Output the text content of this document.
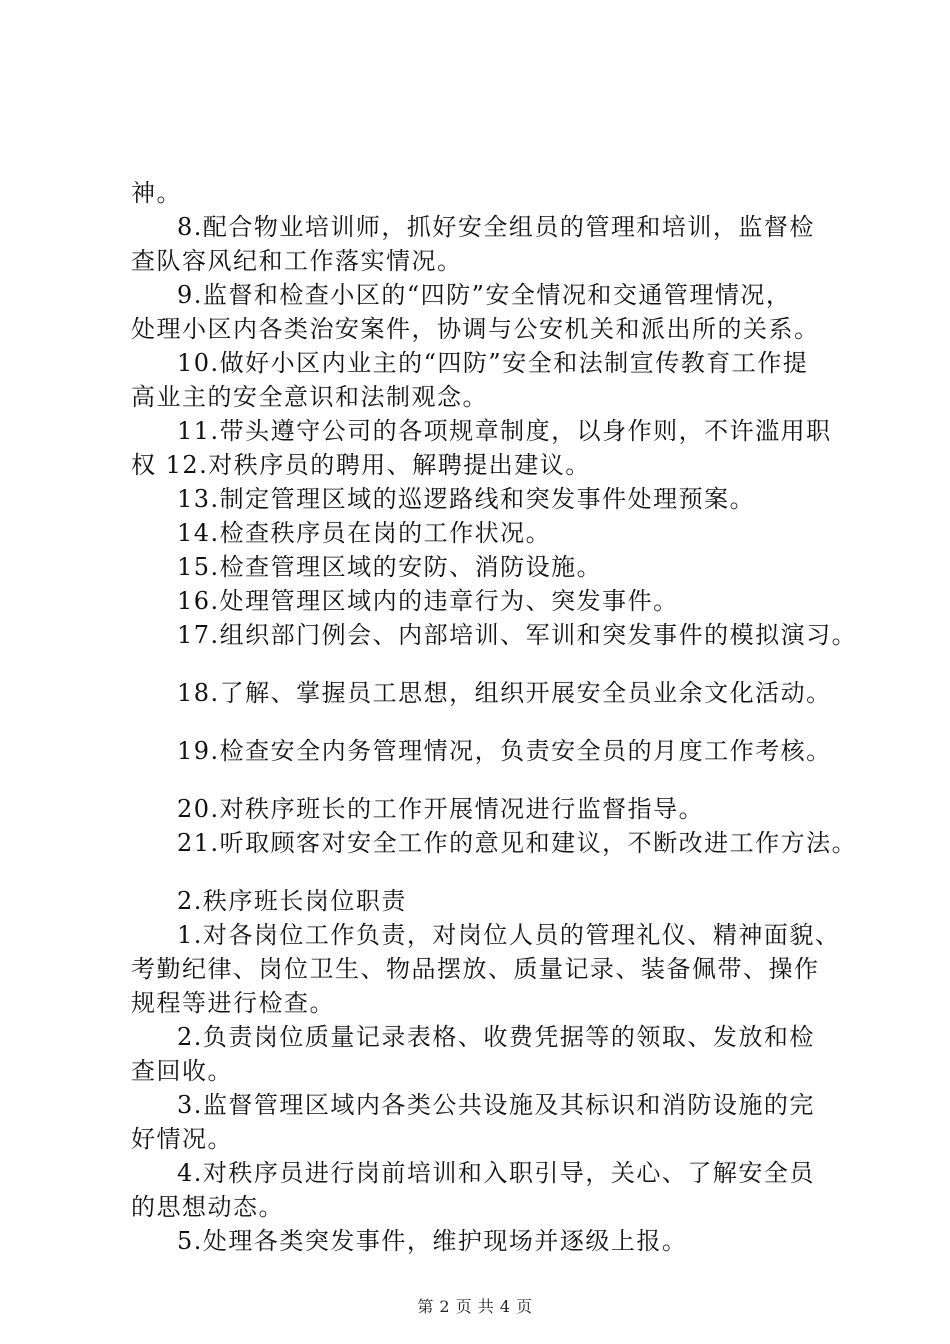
神。

8.配合物业培训师，抓好安全组员的管理和培训，监督检

查队容风纪和工作落实情况。

9.监督和检查小区的“四防”安全情况和交通管理情况，

处理小区内各类治安案件，协调与公安机关和派出所的关系。

10.做好小区内业主的“四防”安全和法制宣传教育工作提

高业主的安全意识和法制观念。

11.带头遵守公司的各项规章制度，以身作则，不许滥用职

权 12.对秩序员的聘用、解聘提出建议。

13.制定管理区域的巡逻路线和突发事件处理预案。

14.检查秩序员在岗的工作状况。

15.检查管理区域的安防、消防设施。

16.处理管理区域内的违章行为、突发事件。

17.组织部门例会、内部培训、军训和突发事件的模拟演习。

18.了解、掌握员工思想，组织开展安全员业余文化活动。

19.检查安全内务管理情况，负责安全员的月度工作考核。

20.对秩序班长的工作开展情况进行监督指导。

21.听取顾客对安全工作的意见和建议，不断改进工作方法。

2.秩序班长岗位职责

1.对各岗位工作负责，对岗位人员的管理礼仪、精神面貌、

考勤纪律、岗位卫生、物品摆放、质量记录、装备佩带、操作

规程等进行检查。

2.负责岗位质量记录表格、收费凭据等的领取、发放和检

查回收。

3.监督管理区域内各类公共设施及其标识和消防设施的完

好情况。

4.对秩序员进行岗前培训和入职引导，关心、了解安全员

的思想动态。

5.处理各类突发事件，维护现场并逐级上报。

第 2 页 共 4 页
